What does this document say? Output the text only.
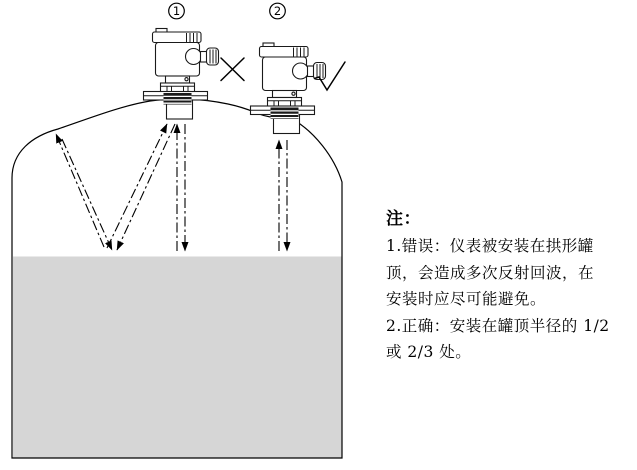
1	2
注：
1.错误：仪表被安装在拱形罐
顶，会造成多次反射回波，在
安装时应尽可能避免。
2.正确：安装在罐顶半径的 1/2
或 2/3 处。
